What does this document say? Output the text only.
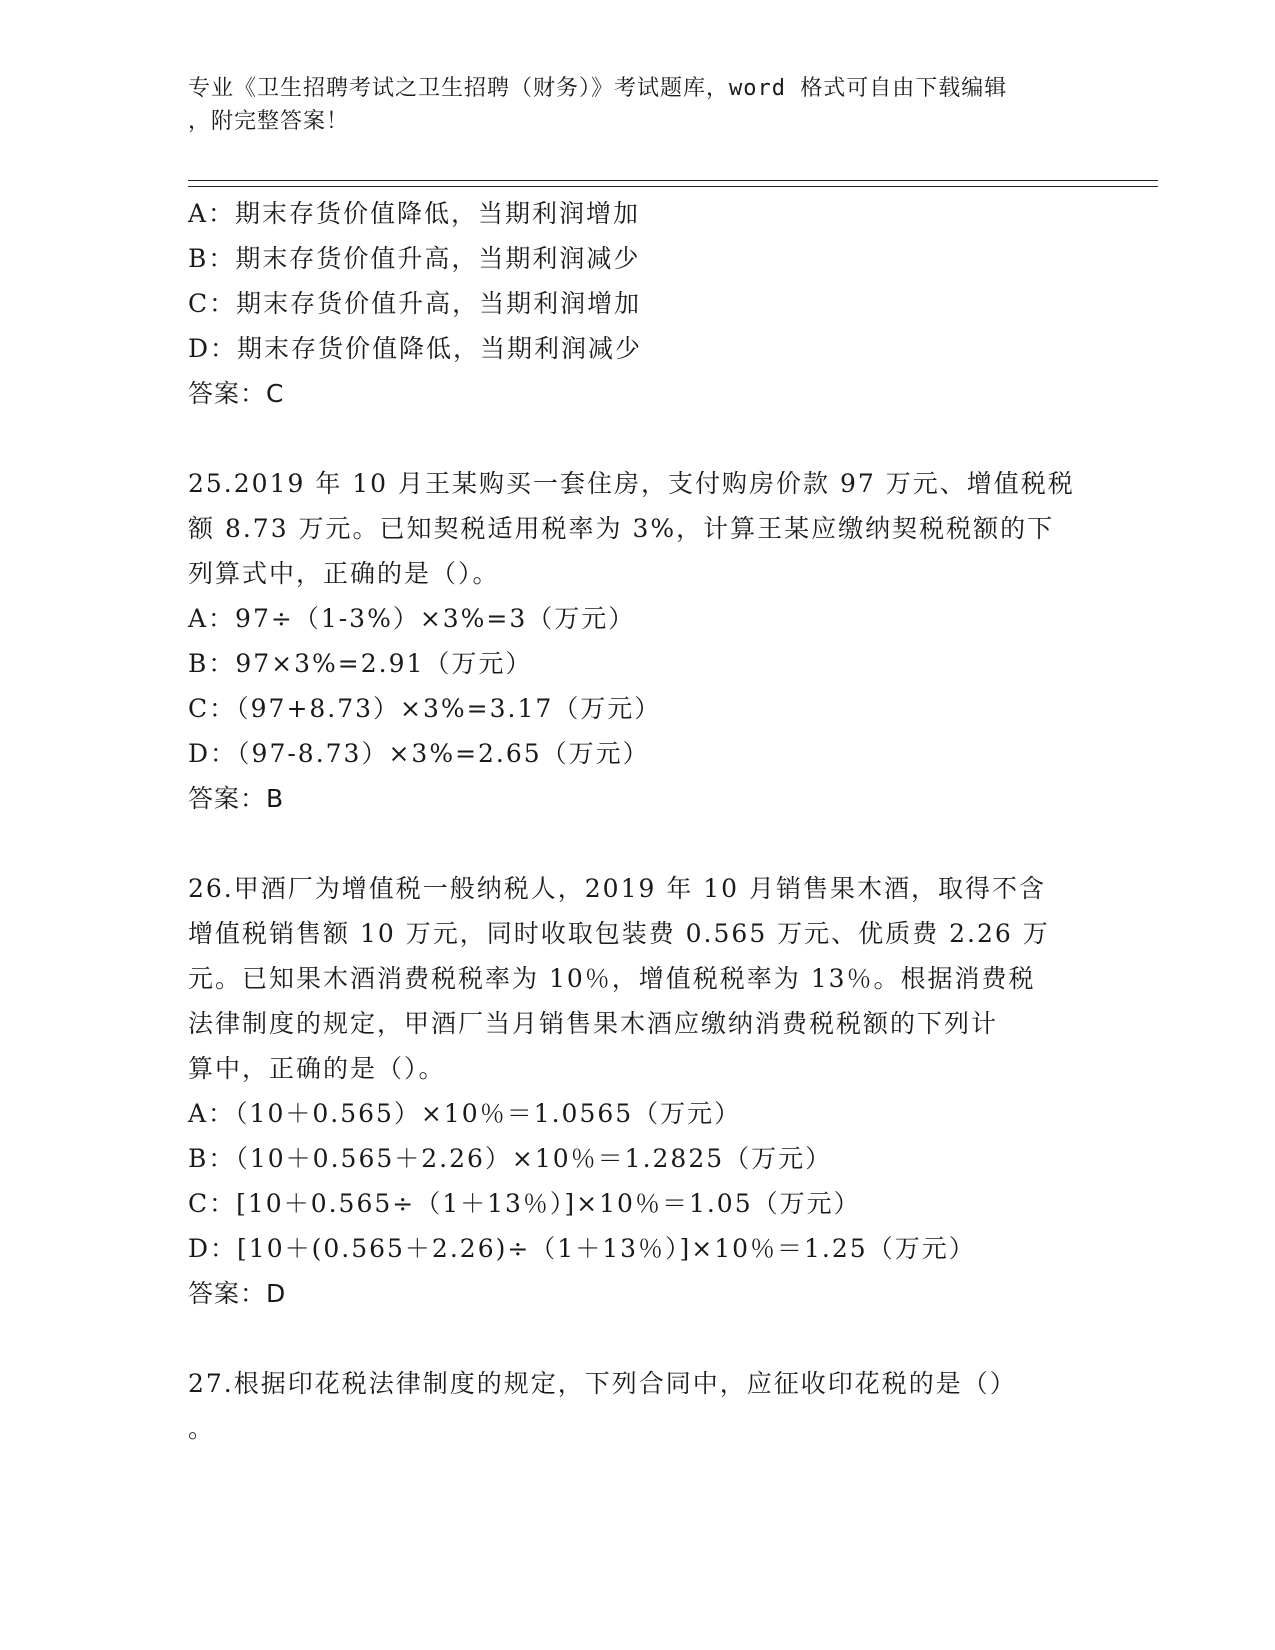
专业《卫生招聘考试之卫生招聘（财务）》考试题库，word 格式可自由下载编辑
，附完整答案！
A：期末存货价值降低，当期利润增加
B：期末存货价值升高，当期利润减少
C：期末存货价值升高，当期利润增加
D：期末存货价值降低，当期利润减少
答案：C
25.2019 年 10 月王某购买一套住房，支付购房价款 97 万元、增值税税
额 8.73 万元。已知契税适用税率为 3%，计算王某应缴纳契税税额的下
列算式中，正确的是（）。
A：97÷（1-3%）×3%=3（万元）
B：97×3%=2.91（万元）
C：（97+8.73）×3%=3.17（万元）
D：（97-8.73）×3%=2.65（万元）
答案：B
26.甲酒厂为增值税一般纳税人，2019 年 10 月销售果木酒，取得不含
增值税销售额 10 万元，同时收取包装费 0.565 万元、优质费 2.26 万
元。已知果木酒消费税税率为 10％，增值税税率为 13％。根据消费税
法律制度的规定，甲酒厂当月销售果木酒应缴纳消费税税额的下列计
算中，正确的是（）。
A：（10＋0.565）×10％＝1.0565（万元）
B：（10＋0.565＋2.26）×10％＝1.2825（万元）
C：[10＋0.565÷（1＋13％）]×10％＝1.05（万元）
D：[10＋(0.565＋2.26)÷（1＋13％）]×10％＝1.25（万元）
答案：D
27.根据印花税法律制度的规定，下列合同中，应征收印花税的是（）
。
